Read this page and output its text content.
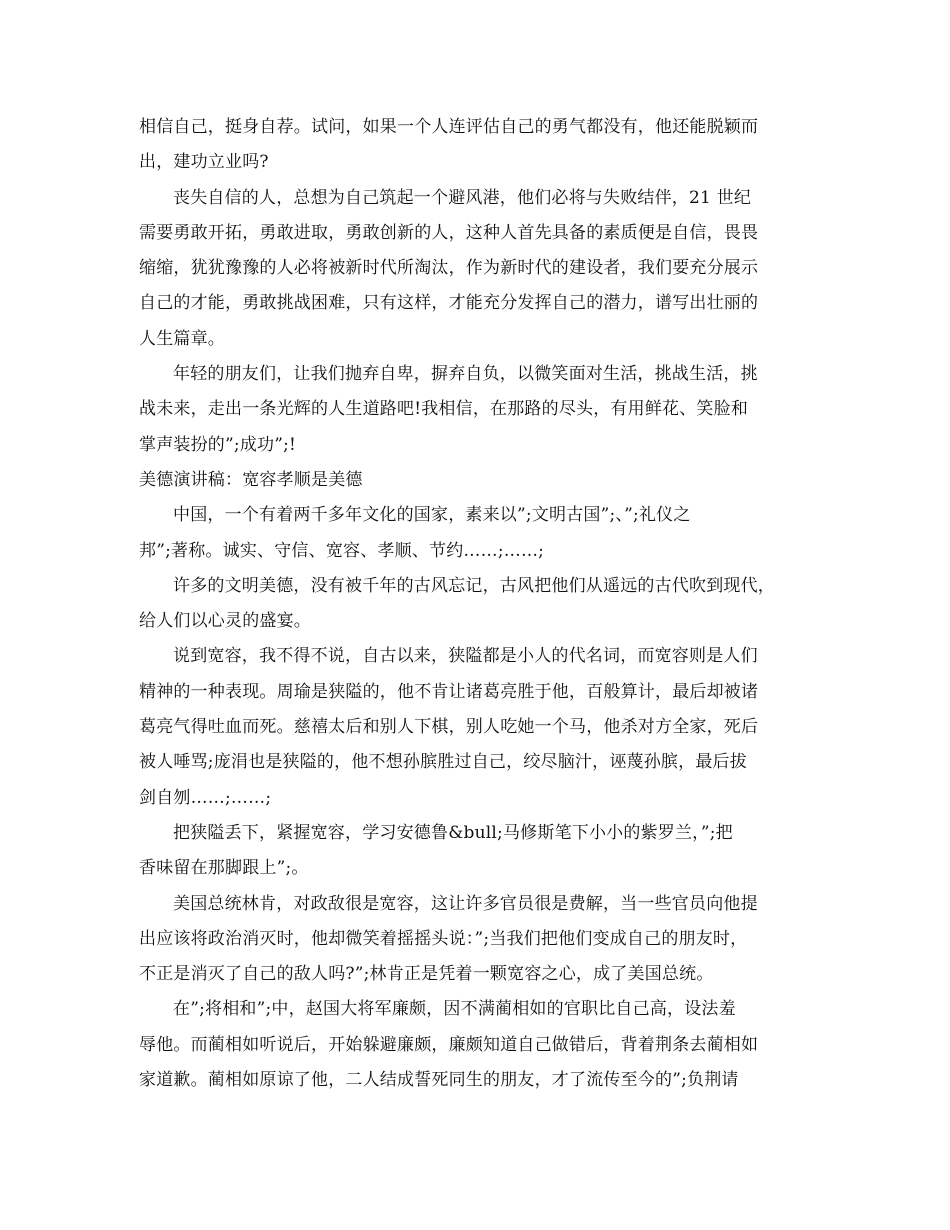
相信自己，挺身自荐。试问，如果一个人连评估自己的勇气都没有，他还能脱颖而
出，建功立业吗?

丧失自信的人，总想为自己筑起一个避风港，他们必将与失败结伴，21 世纪
需要勇敢开拓，勇敢进取，勇敢创新的人，这种人首先具备的素质便是自信，畏畏
缩缩，犹犹豫豫的人必将被新时代所淘汰，作为新时代的建设者，我们要充分展示
自己的才能，勇敢挑战困难，只有这样，才能充分发挥自己的潜力，谱写出壮丽的
人生篇章。

年轻的朋友们，让我们抛弃自卑，摒弃自负，以微笑面对生活，挑战生活，挑
战未来，走出一条光辉的人生道路吧!我相信，在那路的尽头，有用鲜花、笑脸和
掌声装扮的”;成功”;!

美德演讲稿：宽容孝顺是美德

中国，一个有着两千多年文化的国家，素来以”;文明古国”;、”;礼仪之
邦”;著称。诚实、守信、宽容、孝顺、节约……;……;

许多的文明美德，没有被千年的古风忘记，古风把他们从遥远的古代吹到现代，
给人们以心灵的盛宴。

说到宽容，我不得不说，自古以来，狭隘都是小人的代名词，而宽容则是人们
精神的一种表现。周瑜是狭隘的，他不肯让诸葛亮胜于他，百般算计，最后却被诸
葛亮气得吐血而死。慈禧太后和别人下棋，别人吃她一个马，他杀对方全家，死后
被人唾骂;庞涓也是狭隘的，他不想孙膑胜过自己，绞尽脑汁，诬蔑孙膑，最后拔
剑自刎……;……;

把狭隘丢下，紧握宽容，学习安德鲁&bull;马修斯笔下小小的紫罗兰，”;把
香味留在那脚跟上”;。

美国总统林肯，对政敌很是宽容，这让许多官员很是费解，当一些官员向他提
出应该将政治消灭时，他却微笑着摇摇头说：”;当我们把他们变成自己的朋友时，
不正是消灭了自己的敌人吗?”;林肯正是凭着一颗宽容之心，成了美国总统。

在”;将相和”;中，赵国大将军廉颇，因不满蔺相如的官职比自己高，设法羞
辱他。而蔺相如听说后，开始躲避廉颇，廉颇知道自己做错后，背着荆条去蔺相如
家道歉。蔺相如原谅了他，二人结成誓死同生的朋友，才了流传至今的”;负荆请
